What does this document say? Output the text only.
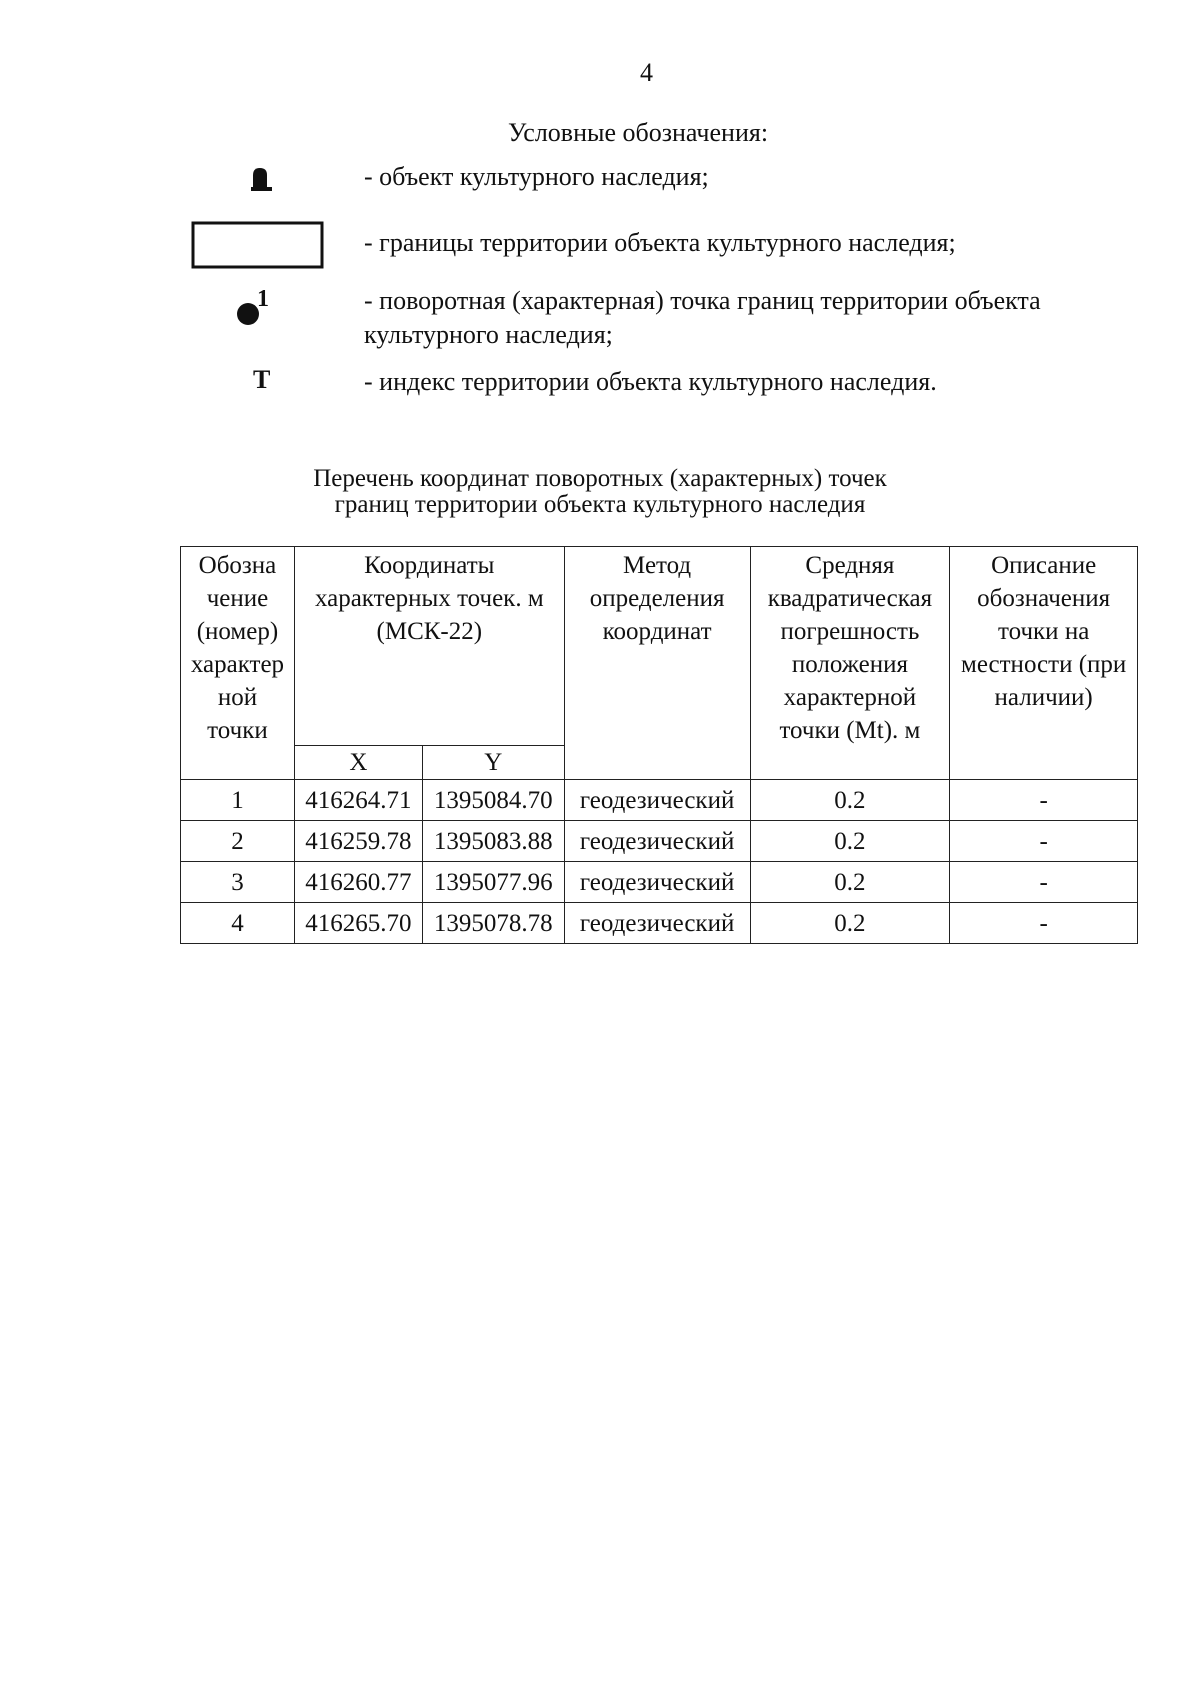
4
Условные обозначения:
- объект культурного наследия;
- границы территории объекта культурного наследия;
1	- поворотная (характерная) точка границ территории объекта культурного наследия;
Т	- индекс территории объекта культурного наследия.
Перечень координат поворотных (характерных) точек
границ территории объекта культурного наследия
Обозна чение (номер) характер ной точки	Координаты характерных точек. м (МСК-22)		Метод определения координат	Средняя квадратическая погрешность положения характерной точки (Mt). м	Описание обозначения точки на местности (при наличии)
	X	Y			
1	416264.71	1395084.70	геодезический	0.2	-
2	416259.78	1395083.88	геодезический	0.2	-
3	416260.77	1395077.96	геодезический	0.2	-
4	416265.70	1395078.78	геодезический	0.2	-
